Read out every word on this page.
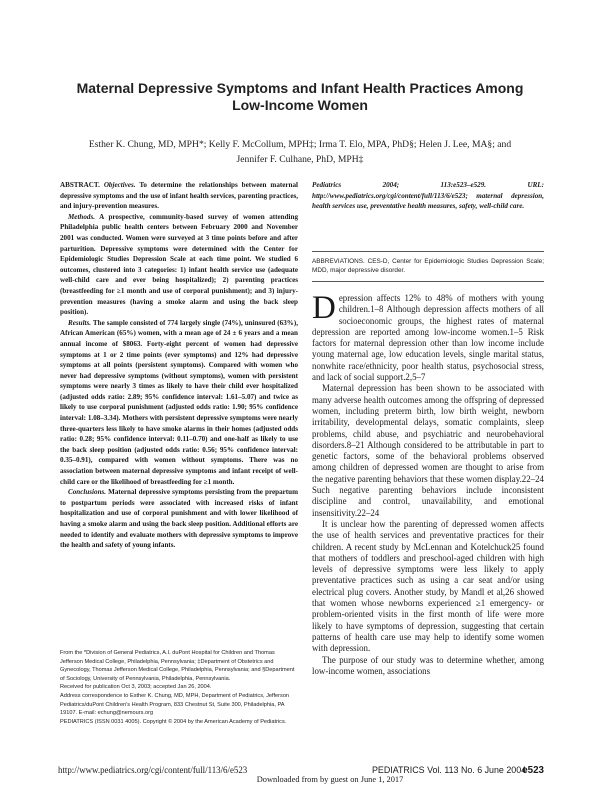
Maternal Depressive Symptoms and Infant Health Practices Among
Low-Income Women
Esther K. Chung, MD, MPH*; Kelly F. McCollum, MPH‡; Irma T. Elo, MPA, PhD§; Helen J. Lee, MA§; and
Jennifer F. Culhane, PhD, MPH‡

ABSTRACT. Objectives. To determine the relationships between maternal depressive symptoms and the use of infant health services, parenting practices, and injury-prevention measures.

Methods. A prospective, community-based survey of women attending Philadelphia public health centers between February 2000 and November 2001 was conducted. Women were surveyed at 3 time points before and after parturition. Depressive symptoms were determined with the Center for Epidemiologic Studies Depression Scale at each time point. We studied 6 outcomes, clustered into 3 categories: 1) infant health service use (adequate well-child care and ever being hospitalized); 2) parenting practices (breastfeeding for ≥1 month and use of corporal punishment); and 3) injury-prevention measures (having a smoke alarm and using the back sleep position).

Results. The sample consisted of 774 largely single (74%), uninsured (63%), African American (65%) women, with a mean age of 24 ± 6 years and a mean annual income of $8063. Forty-eight percent of women had depressive symptoms at 1 or 2 time points (ever symptoms) and 12% had depressive symptoms at all points (persistent symptoms). Compared with women who never had depressive symptoms (without symptoms), women with persistent symptoms were nearly 3 times as likely to have their child ever hospitalized (adjusted odds ratio: 2.89; 95% confidence interval: 1.61–5.07) and twice as likely to use corporal punishment (adjusted odds ratio: 1.90; 95% confidence interval: 1.08–3.34). Mothers with persistent depressive symptoms were nearly three-quarters less likely to have smoke alarms in their homes (adjusted odds ratio: 0.28; 95% confidence interval: 0.11–0.70) and one-half as likely to use the back sleep position (adjusted odds ratio: 0.56; 95% confidence interval: 0.35–0.91), compared with women without symptoms. There was no association between maternal depressive symptoms and infant receipt of well-child care or the likelihood of breastfeeding for ≥1 month.

Conclusions. Maternal depressive symptoms persisting from the prepartum to postpartum periods were associated with increased risks of infant hospitalization and use of corporal punishment and with lower likelihood of having a smoke alarm and using the back sleep position. Additional efforts are needed to identify and evaluate mothers with depressive symptoms to improve the health and safety of young infants.

Pediatrics 2004; 113:e523–e529. URL: http://www.pediatrics.org/cgi/content/full/113/6/e523; maternal depression, health services use, preventative health measures, safety, well-child care.

ABBREVIATIONS. CES-D, Center for Epidemiologic Studies Depression Scale; MDD, major depressive disorder.

D epression affects 12% to 48% of mothers with young children.1–8 Although depression affects mothers of all socioeconomic groups, the highest rates of maternal depression are reported among low-income women.1–5 Risk factors for maternal depression other than low income include young maternal age, low education levels, single marital status, nonwhite race/ethnicity, poor health status, psychosocial stress, and lack of social support.2,5–7

Maternal depression has been shown to be associated with many adverse health outcomes among the offspring of depressed women, including preterm birth, low birth weight, newborn irritability, developmental delays, somatic complaints, sleep problems, child abuse, and psychiatric and neurobehavioral disorders.8–21 Although considered to be attributable in part to genetic factors, some of the behavioral problems observed among children of depressed women are thought to arise from the negative parenting behaviors that these women display.22–24 Such negative parenting behaviors include inconsistent discipline and control, unavailability, and emotional insensitivity.22–24

It is unclear how the parenting of depressed women affects the use of health services and preventative practices for their children. A recent study by McLennan and Kotelchuck25 found that mothers of toddlers and preschool-aged children with high levels of depressive symptoms were less likely to apply preventative practices such as using a car seat and/or using electrical plug covers. Another study, by Mandl et al,26 showed that women whose newborns experienced ≥1 emergency- or problem-oriented visits in the first month of life were more likely to have symptoms of depression, suggesting that certain patterns of health care use may help to identify some women with depression.

The purpose of our study was to determine whether, among low-income women, associations

From the *Division of General Pediatrics, A.I. duPont Hospital for Children and Thomas Jefferson Medical College, Philadelphia, Pennsylvania; ‡Department of Obstetrics and Gynecology, Thomas Jefferson Medical College, Philadelphia, Pennsylvania; and §Department of Sociology, University of Pennsylvania, Philadelphia, Pennsylvania.

Received for publication Oct 3, 2003; accepted Jan 26, 2004.

Address correspondence to Esther K. Chung, MD, MPH, Department of Pediatrics, Jefferson Pediatrics/duPont Children's Health Program, 833 Chestnut St, Suite 300, Philadelphia, PA 19107. E-mail: echung@nemours.org

PEDIATRICS (ISSN 0031 4005). Copyright © 2004 by the American Academy of Pediatrics.

http://www.pediatrics.org/cgi/content/full/113/6/e523	PEDIATRICS Vol. 113 No. 6 June 2004
e523
Downloaded from by guest on June 1, 2017
